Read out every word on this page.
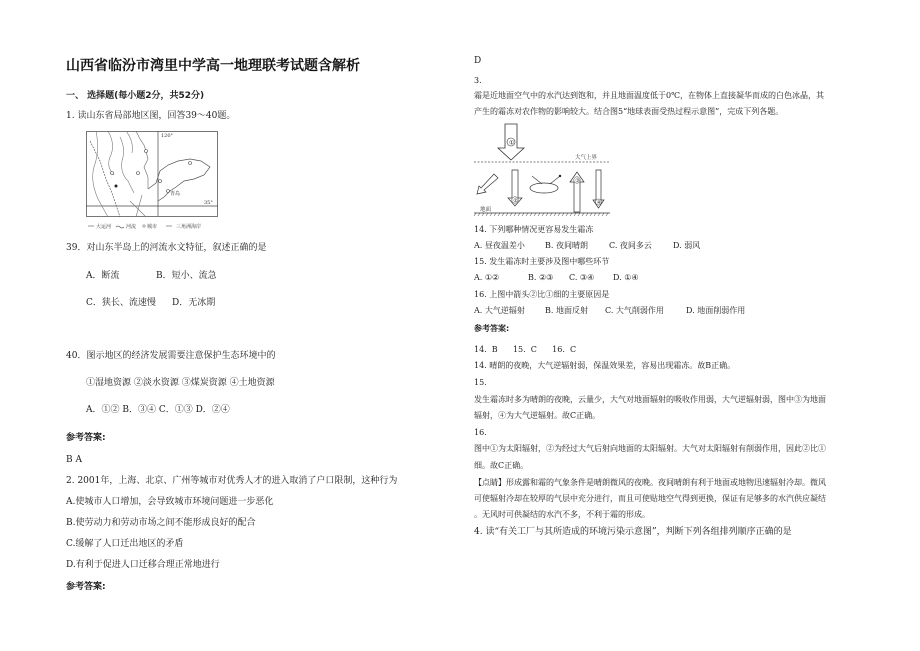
山西省临汾市湾里中学高一地理联考试题含解析
一、 选择题(每小题2分，共52分)
1. 读山东省局部地区图，回答39～40题。
120°
35°
青岛
大运河	河流 城市	三角洲海岸
39．对山东半岛上的河流水文特征，叙述正确的是
A．断流	B．短小、流急
C．狭长、流速慢 D．无冰期
40．图示地区的经济发展需要注意保护生态环境中的
①湿地资源 ②淡水资源 ③煤炭资源 ④土地资源
A．①② B．③④ C．①③ D．②④
参考答案:
B A
2. 2001年，上海、北京、广州等城市对优秀人才的进入取消了户口限制，这种行为
A.使城市人口增加，会导致城市环境问题进一步恶化
B.使劳动力和劳动市场之间不能形成良好的配合
C.缓解了人口迁出地区的矛盾
D.有利于促进人口迁移合理正常地进行
参考答案:
D
3.
霜是近地面空气中的水汽达到饱和，并且地面温度低于0℃，在物体上直接凝华而成的白色冰晶，其
产生的霜冻对农作物的影响较大。结合图5“地球表面受热过程示意图”，完成下列各题。
①
大气上界
②
③
④
地面
14. 下列哪种情况更容易发生霜冻
A. 昼夜温差小	B. 夜间晴朗	C. 夜间多云	D. 弱风
15. 发生霜冻时主要涉及图中哪些环节
A. ①②	B. ②③ C. ③④ D. ①④
16. 上图中箭头②比①细的主要原因是
A. 大气逆辐射	B. 地面反射 C. 大气削弱作用	D. 地面削弱作用
参考答案:
14.  B      15.  C      16.  C
14. 晴朗的夜晚，大气逆辐射弱，保温效果差，容易出现霜冻。故B正确。
15.
发生霜冻时多为晴朗的夜晚，云量少，大气对地面辐射的吸收作用弱，大气逆辐射弱，图中③为地面
辐射，④为大气逆辐射。故C正确。
16.
图中①为太阳辐射，②为经过大气后射向地面的太阳辐射。大气对太阳辐射有削弱作用，因此②比①
细。故C正确。
【点睛】形成露和霜的气象条件是晴朗微风的夜晚。夜间晴朗有利于地面或地物迅速辐射冷却。微风
可使辐射冷却在较厚的气层中充分进行，而且可使贴地空气得到更换，保证有足够多的水汽供应凝结
。无风时可供凝结的水汽不多，不利于霜的形成。
4. 读“有关工厂与其所造成的环境污染示意图”，判断下列各组排列顺序正确的是
